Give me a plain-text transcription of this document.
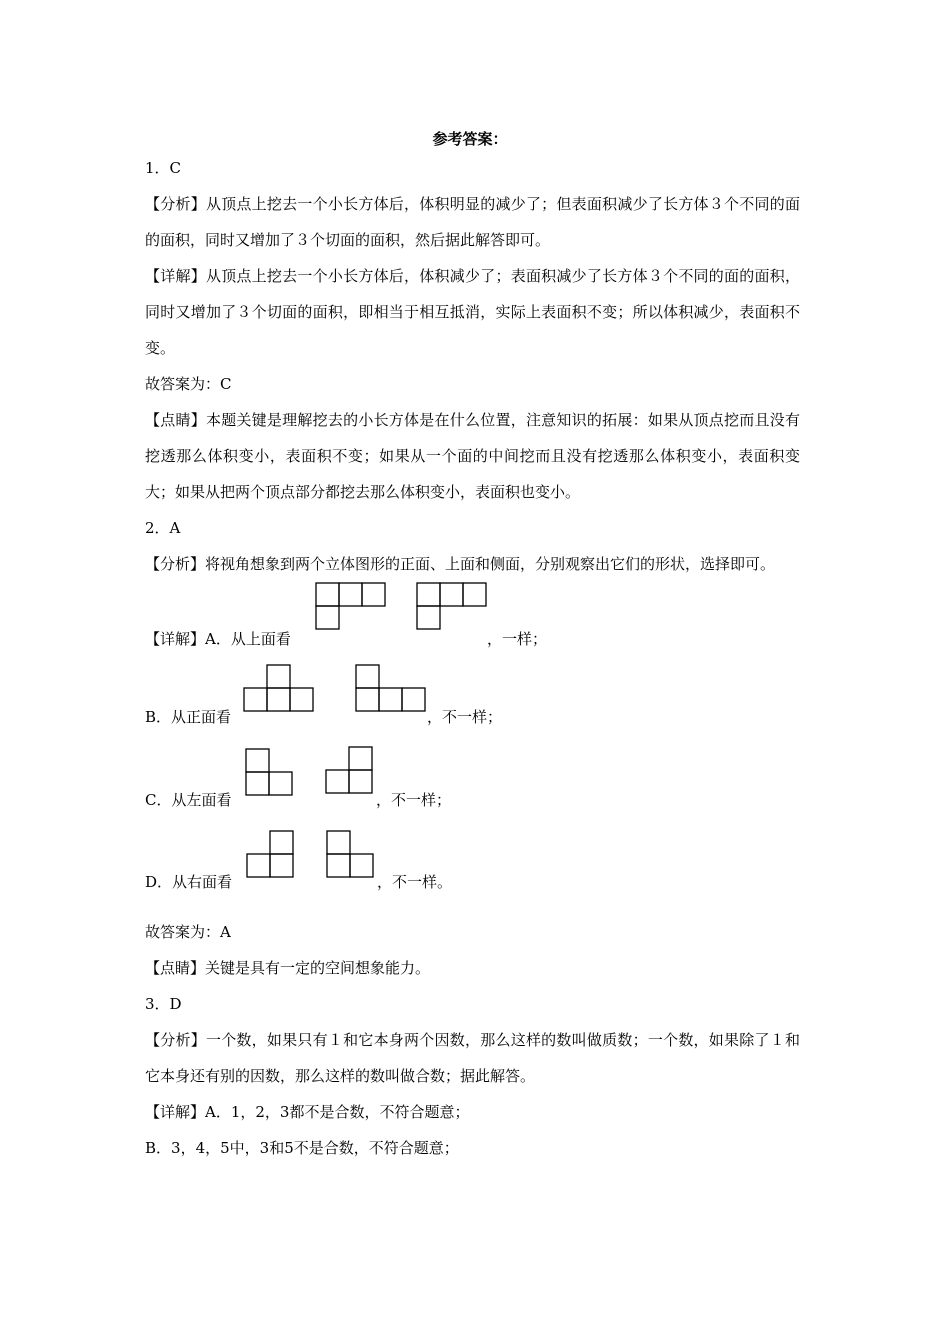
参考答案：
1．C
【分析】从顶点上挖去一个小长方体后，体积明显的减少了；但表面积减少了长方体３个不同的面的面积，同时又增加了３个切面的面积，然后据此解答即可。
【详解】从顶点上挖去一个小长方体后，体积减少了；表面积减少了长方体３个不同的面的面积，同时又增加了３个切面的面积，即相当于相互抵消，实际上表面积不变；所以体积减少，表面积不变。
故答案为：C
【点睛】本题关键是理解挖去的小长方体是在什么位置，注意知识的拓展：如果从顶点挖而且没有挖透那么体积变小，表面积不变；如果从一个面的中间挖而且没有挖透那么体积变小，表面积变大；如果从把两个顶点部分都挖去那么体积变小，表面积也变小。
2．A
【分析】将视角想象到两个立体图形的正面、上面和侧面，分别观察出它们的形状，选择即可。
【详解】A．从上面看	，一样；
B．从正面看	，不一样；
C．从左面看	，不一样；
D．从右面看	，不一样。
故答案为：A
【点睛】关键是具有一定的空间想象能力。
3．D
【分析】一个数，如果只有１和它本身两个因数，那么这样的数叫做质数；一个数，如果除了１和它本身还有别的因数，那么这样的数叫做合数；据此解答。
【详解】A．1，2，3都不是合数，不符合题意；
B．3，4，5中，3和5不是合数，不符合题意；
